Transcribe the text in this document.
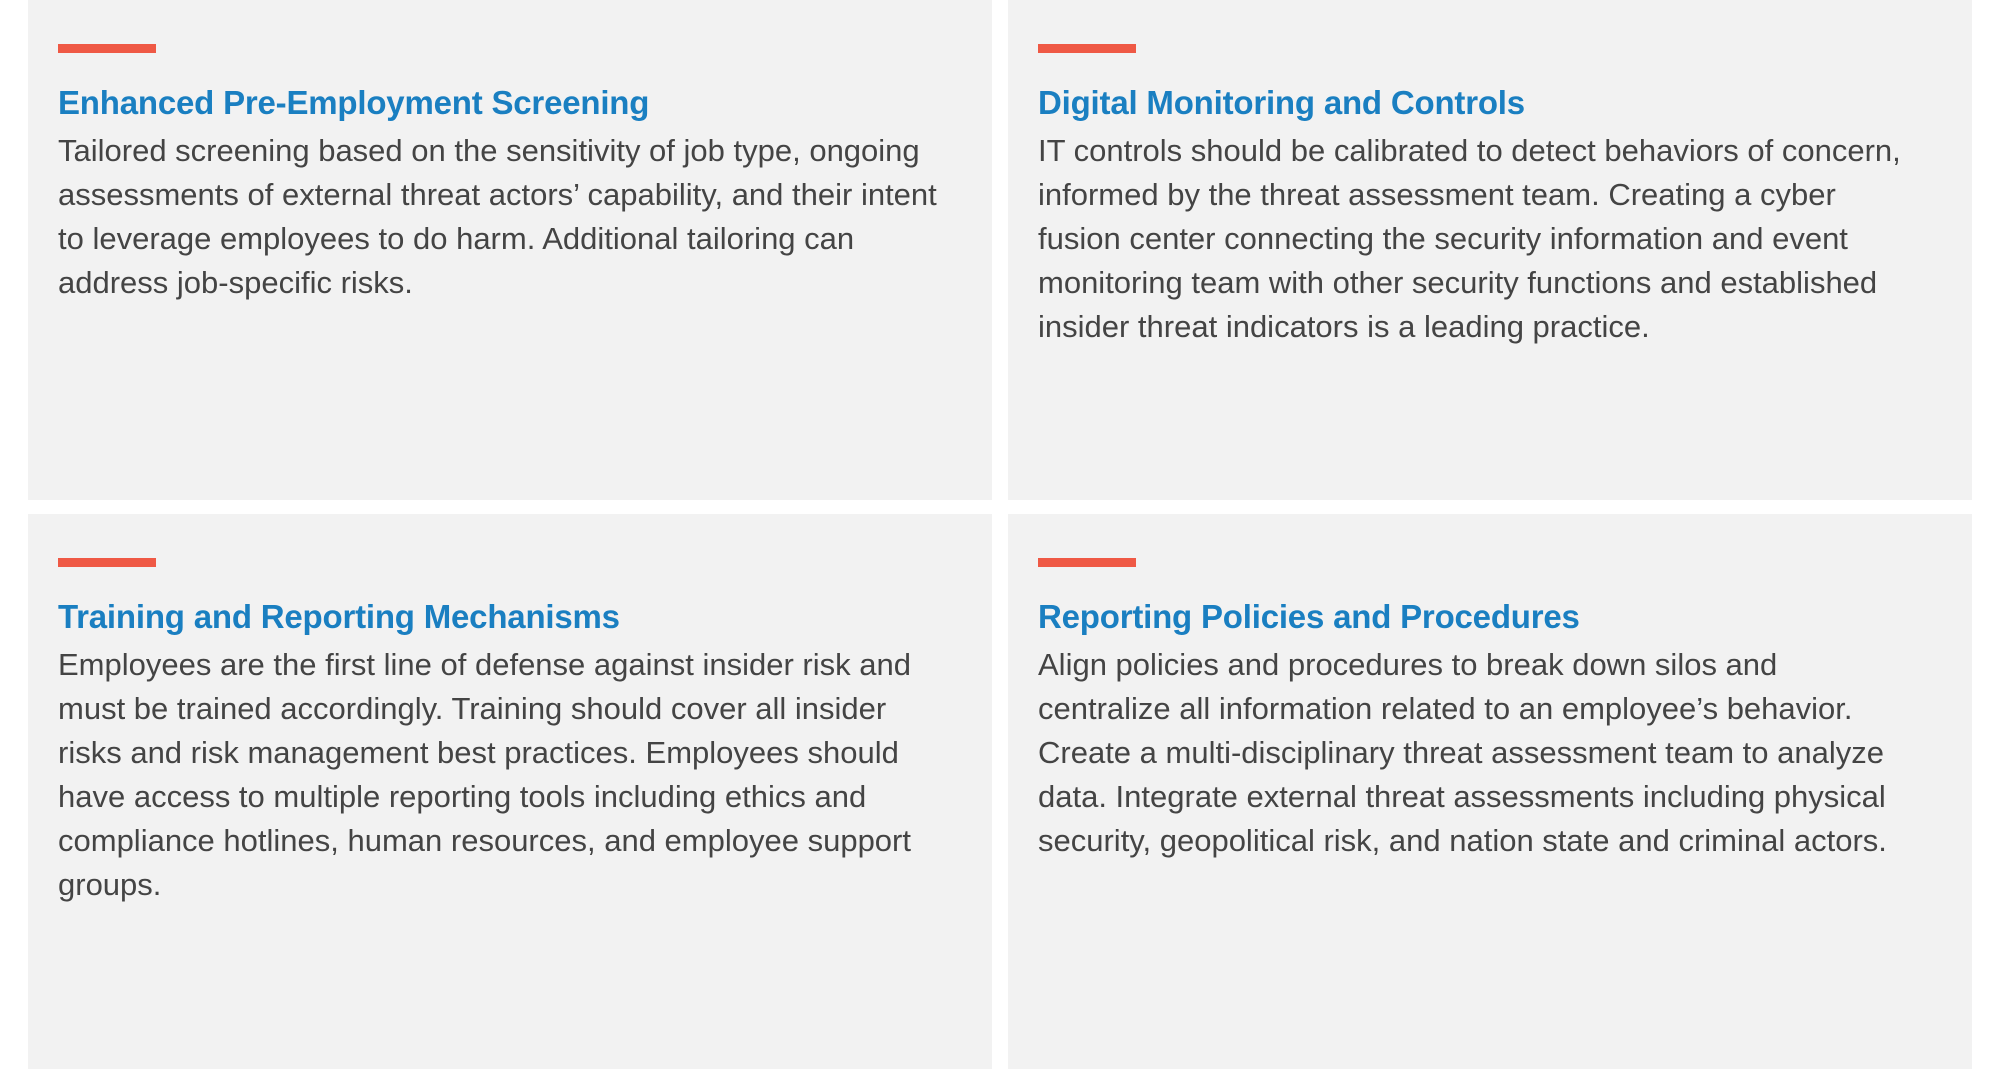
Enhanced Pre-Employment Screening

Tailored screening based on the sensitivity of job type, ongoing assessments of external threat actors’ capability, and their intent to leverage employees to do harm. Additional tailoring can address job-specific risks.

Digital Monitoring and Controls

IT controls should be calibrated to detect behaviors of concern, informed by the threat assessment team. Creating a cyber fusion center connecting the security information and event monitoring team with other security functions and established insider threat indicators is a leading practice.

Training and Reporting Mechanisms

Employees are the first line of defense against insider risk and must be trained accordingly. Training should cover all insider risks and risk management best practices. Employees should have access to multiple reporting tools including ethics and compliance hotlines, human resources, and employee support groups.

Reporting Policies and Procedures

Align policies and procedures to break down silos and centralize all information related to an employee’s behavior. Create a multi-disciplinary threat assessment team to analyze data. Integrate external threat assessments including physical security, geopolitical risk, and nation state and criminal actors.
